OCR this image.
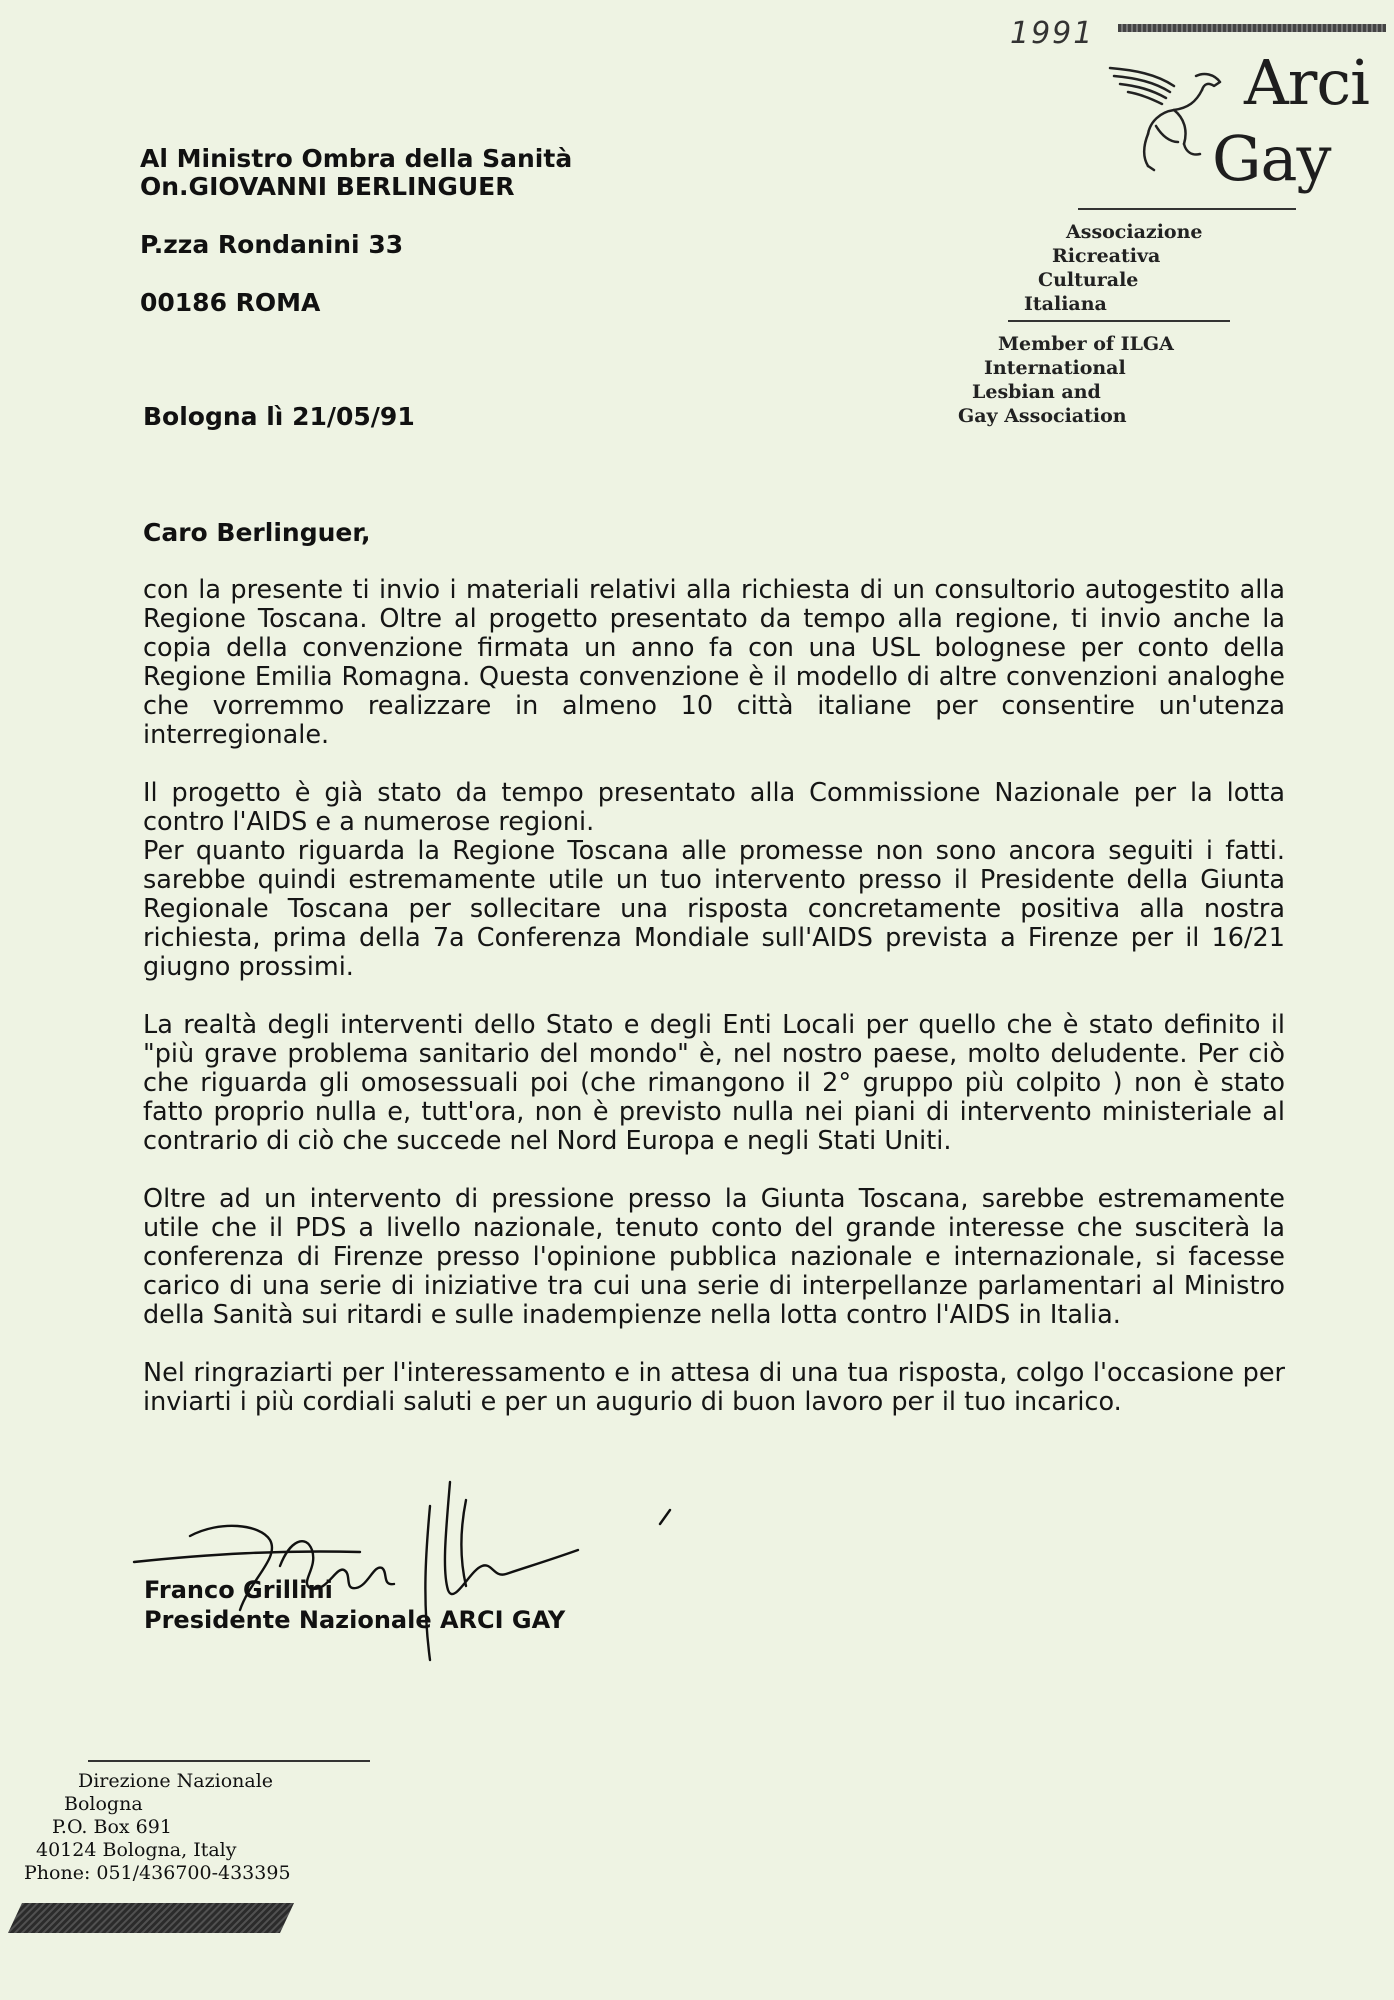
1991
Arci
Gay
Associazione
Ricreativa
Culturale
Italiana
Member of ILGA
International
Lesbian and
Gay Association
Al Ministro Ombra della Sanità
On.GIOVANNI BERLINGUER
P.zza Rondanini 33
00186 ROMA
Bologna lì 21/05/91
Caro Berlinguer,

con la presente ti invio i materiali relativi alla richiesta di un consultorio autogestito alla Regione Toscana. Oltre al progetto presentato da tempo alla regione, ti invio anche la copia della convenzione firmata un anno fa con una USL bolognese per conto della Regione Emilia Romagna. Questa convenzione è il modello di altre convenzioni analoghe che vorremmo realizzare in almeno 10 città italiane per consentire un'utenza interregionale.

Il progetto è già stato da tempo presentato alla Commissione Nazionale per la lotta contro l'AIDS e a numerose regioni.

Per quanto riguarda la Regione Toscana alle promesse non sono ancora seguiti i fatti. sarebbe quindi estremamente utile un tuo intervento presso il Presidente della Giunta Regionale Toscana per sollecitare una risposta concretamente positiva alla nostra richiesta, prima della 7a Conferenza Mondiale sull'AIDS prevista a Firenze per il 16/21 giugno prossimi.

La realtà degli interventi dello Stato e degli Enti Locali per quello che è stato definito il "più grave problema sanitario del mondo" è, nel nostro paese, molto deludente. Per ciò che riguarda gli omosessuali poi (che rimangono il 2° gruppo più colpito ) non è stato fatto proprio nulla e, tutt'ora, non è previsto nulla nei piani di intervento ministeriale al contrario di ciò che succede nel Nord Europa e negli Stati Uniti.

Oltre ad un intervento di pressione presso la Giunta Toscana, sarebbe estremamente utile che il PDS a livello nazionale, tenuto conto del grande interesse che susciterà la conferenza di Firenze presso l'opinione pubblica nazionale e internazionale, si facesse carico di una serie di iniziative tra cui una serie di interpellanze parlamentari al Ministro della Sanità sui ritardi e sulle inadempienze nella lotta contro l'AIDS in Italia.

Nel ringraziarti per l'interessamento e in attesa di una tua risposta, colgo l'occasione per inviarti i più cordiali saluti e per un augurio di buon lavoro per il tuo incarico.

Franco Grillini
Presidente Nazionale ARCI GAY
Direzione Nazionale
Bologna
P.O. Box 691
40124 Bologna, Italy
Phone: 051/436700-433395
